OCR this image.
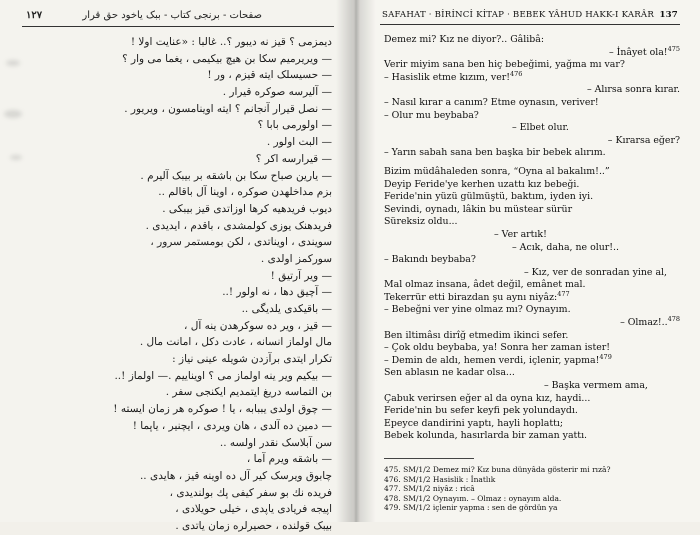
١٢٧	صفحات - برنجی کتاب - ببک یاخود حق قرار
دیمزمی ؟ قیز نه دیبور ؟.. غالبا : «عنایت اولا !
— ویریرمیم سکا بن هیچ بیکیمی ، یغما می وار ؟
— حسیسلک ایته قیزم ، ور !
— آلیرسه صوکره قیرار .
— نصل قیرار آنجانم ؟ ایته اوینامسون ، ویریور .
— اولورمی بابا ؟
— البت اولور .
— قیرارسه اکر ؟
— یارین صباح سکا بن باشقه بر بیبک آلیرم .
بزم مداخلهدن صوکره ، اوینا آل باقالم ..
دیوب فریدهیه کرها اوزاتدی قیز بیبکی .
فریدهنک یوزی کولمشدی ، باقدم ، ایدیدی .
سویندی ، اویناتدی ، لکن بومستمر سرور ،
سورکمز اولدی .
— ویر آرتیق !
— آچیق دها ، نه اولور !..
— باقیکدی یلدیگی ..
— قیز ، ویر ده سوکرهدن ینه آل ،
مال اولماز انسانه ، عادت دکل ، امانت مال .
تکرار ایتدی برآزدن شویله عینی نیاز :
— بیکیم ویر ینه اولماز می ؟ اویناییم .— اولماز !..
بن التماسه دریغ ایتمدیم ایکنجی سفر .
— چوق اولدی یببابه ، یا ! صوکره هر زمان ایسته !
— دمین ده آلدی ، هان ویردی ، ایچنیر ، یاپما !
سن آبلاسک نقدر اولسه ..
— باشقه ویرم آما ،
چابوق ویرسک کیر آل ده اوینه قیز ، هایدی ..
فریده نك بو سفر کیفی پك بولندیدی ،
اپیجه فریادی یاپدی ، خیلی حویلادی ،
بیبک قولنده ، حصیرلره زمان یاتدی .
SAFAHAT · BİRİNCİ KİTAP · BEBEK YÂHUD HAKK-I KARÂR 137
Demez mi? Kız ne diyor?.. Gâlibâ:
– İnâyet ola!$^{475}$
Verir miyim sana ben hiç bebeğimi, yağma mı var?
– Hasislik etme kızım, ver!$^{476}$
– Alırsa sonra kırar.
– Nasıl kırar a canım? Etme oynasın, veriver!
– Olur mu beybaba?
– Elbet olur.
– Kırarsa eğer?
– Yarın sabah sana ben başka bir bebek alırım.
Bizim müdâhaleden sonra, “Oyna al bakalım!..”
Deyip Feride'ye kerhen uzattı kız bebeği.
Feride'nin yüzü gülmüştü, baktım, iyden iyi.
Sevindi, oynadı, lâkin bu müstear sürür
Süreksiz oldu...
– Ver artık!
– Acık, daha, ne olur!..
– Bakındı beybaba?
– Kız, ver de sonradan yine al,
Mal olmaz insana, âdet değil, emânet mal.
Tekerrür etti birazdan şu aynı niyâz:$^{477}$
– Bebeğni ver yine olmaz mı? Oynayım.
– Olmaz!..$^{478}$
Ben iltimâsı dirîğ etmedim ikinci sefer.
– Çok oldu beybaba, ya! Sonra her zaman ister!
– Demin de aldı, hemen verdi, içlenir, yapma!$^{479}$
Sen ablasın ne kadar olsa...
– Başka vermem ama,
Çabuk verirsen eğer al da oyna kız, haydi...
Feride'nin bu sefer keyfi pek yolundaydı.
Epeyce dandirini yaptı, hayli hoplattı;
Bebek kolunda, hasırlarda bir zaman yattı.
475. SM/1/2 Demez mi? Kız buna dünyâda gösterir mi rızâ?
476. SM/1/2 Hasislik : İnatlık
477. SM/1/2 niyâz : ricâ
478. SM/1/2 Oynayım. – Olmaz : oynayım alda.
479. SM/1/2 içlenir yapma : sen de gördün ya
